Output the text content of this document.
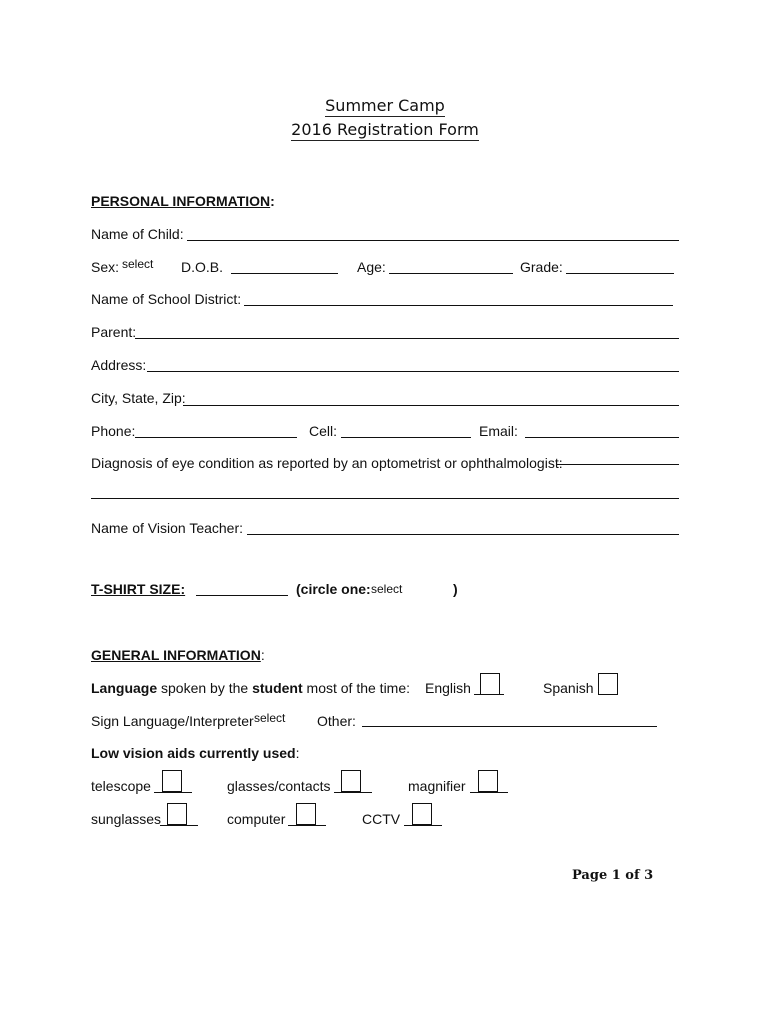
Summer Camp
2016 Registration Form
PERSONAL INFORMATION:
Name of Child:
Sex: select D.O.B.	Age:	Grade:
Name of School District:
Parent:
Address:
City, State, Zip:
Phone:	Cell:	Email:
Diagnosis of eye condition as reported by an optometrist or ophthalmologist:
Name of Vision Teacher:
T-SHIRT SIZE:	(circle one: select	)
GENERAL INFORMATION:
Language spoken by the student most of the time: English	Spanish
Sign Language/Interpreter select Other:
Low vision aids currently used:
telescope	glasses/contacts	magnifier
sunglasses	computer	CCTV
Page 1 of 3
